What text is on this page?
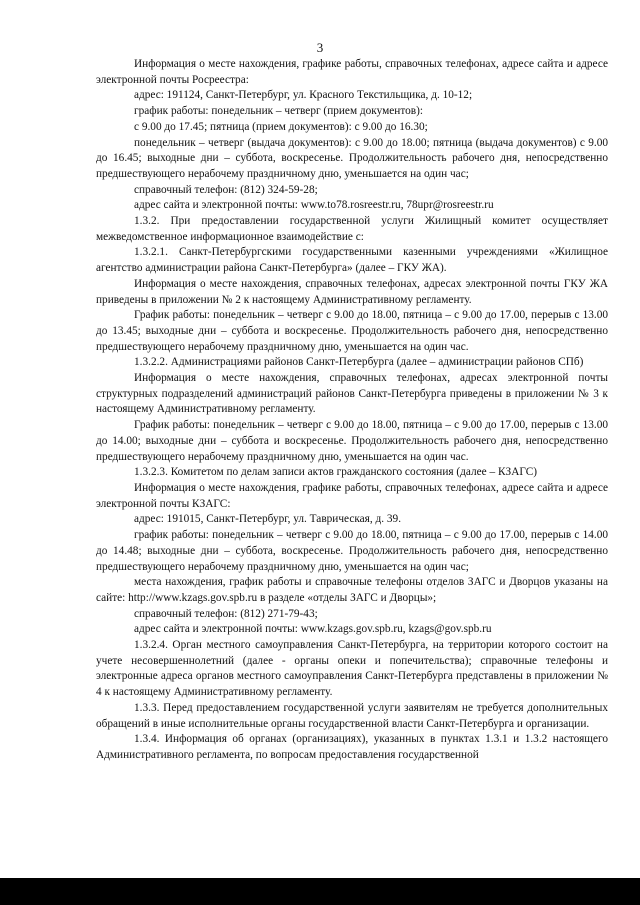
3

Информация о месте нахождения, графике работы, справочных телефонах, адресе сайта и адресе электронной почты Росреестра:

адрес: 191124, Санкт-Петербург, ул. Красного Текстильщика, д. 10-12;

график работы: понедельник – четверг (прием документов):

с 9.00 до 17.45; пятница (прием документов): с 9.00 до 16.30;

понедельник – четверг (выдача документов): с 9.00 до 18.00; пятница (выдача документов) с 9.00 до 16.45; выходные дни – суббота, воскресенье. Продолжительность рабочего дня, непосредственно предшествующего нерабочему праздничному дню, уменьшается на один час;

справочный телефон: (812) 324-59-28;

адрес сайта и электронной почты: www.to78.rosreestr.ru, 78upr@rosreestr.ru

1.3.2. При предоставлении государственной услуги Жилищный комитет осуществляет межведомственное информационное взаимодействие с:

1.3.2.1. Санкт-Петербургскими государственными казенными учреждениями «Жилищное агентство администрации района Санкт-Петербурга» (далее – ГКУ ЖА).

Информация о месте нахождения, справочных телефонах, адресах электронной почты ГКУ ЖА приведены в приложении № 2 к настоящему Административному регламенту.

График работы: понедельник – четверг с 9.00 до 18.00, пятница – с 9.00 до 17.00, перерыв с 13.00 до 13.45; выходные дни – суббота и воскресенье. Продолжительность рабочего дня, непосредственно предшествующего нерабочему праздничному дню, уменьшается на один час.

1.3.2.2. Администрациями районов Санкт-Петербурга (далее – администрации районов СПб)

Информация о месте нахождения, справочных телефонах, адресах электронной почты структурных подразделений администраций районов Санкт-Петербурга приведены в приложении № 3 к настоящему Административному регламенту.

График работы: понедельник – четверг с 9.00 до 18.00, пятница – с 9.00 до 17.00, перерыв с 13.00 до 14.00; выходные дни – суббота и воскресенье. Продолжительность рабочего дня, непосредственно предшествующего нерабочему праздничному дню, уменьшается на один час.

1.3.2.3. Комитетом по делам записи актов гражданского состояния (далее – КЗАГС)

Информация о месте нахождения, графике работы, справочных телефонах, адресе сайта и адресе электронной почты КЗАГС:

адрес: 191015, Санкт-Петербург, ул. Таврическая, д. 39.

график работы: понедельник – четверг с 9.00 до 18.00, пятница – с 9.00 до 17.00, перерыв с 14.00 до 14.48; выходные дни – суббота, воскресенье. Продолжительность рабочего дня, непосредственно предшествующего нерабочему праздничному дню, уменьшается на один час;

места нахождения, график работы и справочные телефоны отделов ЗАГС и Дворцов указаны на сайте: http://www.kzags.gov.spb.ru в разделе «отделы ЗАГС и Дворцы»;

справочный телефон: (812) 271-79-43;

адрес сайта и электронной почты: www.kzags.gov.spb.ru, kzags@gov.spb.ru

1.3.2.4. Орган местного самоуправления Санкт-Петербурга, на территории которого состоит на учете несовершеннолетний (далее - органы опеки и попечительства); справочные телефоны и электронные адреса органов местного самоуправления Санкт-Петербурга представлены в приложении № 4 к настоящему Административному регламенту.

1.3.3. Перед предоставлением государственной услуги заявителям не требуется дополнительных обращений в иные исполнительные органы государственной власти Санкт-Петербурга и организации.

1.3.4. Информация об органах (организациях), указанных в пунктах 1.3.1 и 1.3.2 настоящего Административного регламента, по вопросам предоставления государственной
